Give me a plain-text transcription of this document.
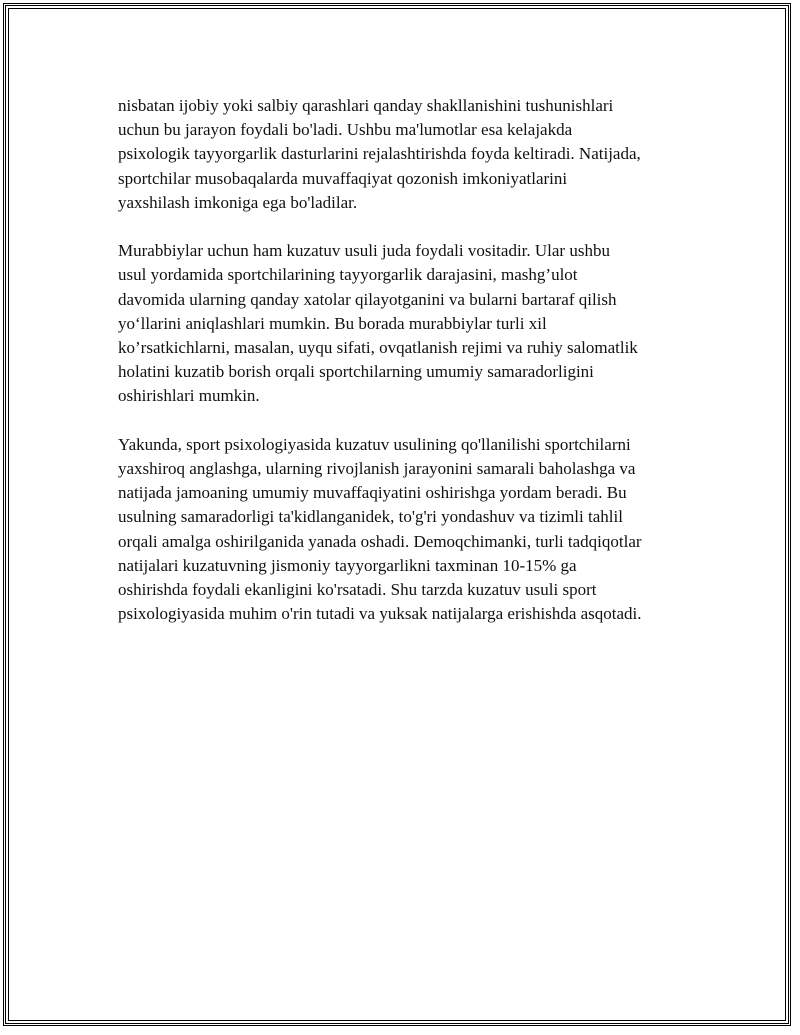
nisbatan ijobiy yoki salbiy qarashlari qanday shakllanishini tushunishlari
uchun bu jarayon foydali bo'ladi. Ushbu ma'lumotlar esa kelajakda
psixologik tayyorgarlik dasturlarini rejalashtirishda foyda keltiradi. Natijada,
sportchilar musobaqalarda muvaffaqiyat qozonish imkoniyatlarini
yaxshilash imkoniga ega bo'ladilar.

Murabbiylar uchun ham kuzatuv usuli juda foydali vositadir. Ular ushbu
usul yordamida sportchilarining tayyorgarlik darajasini, mashg’ulot
davomida ularning qanday xatolar qilayotganini va bularni bartaraf qilish
yo‘llarini aniqlashlari mumkin. Bu borada murabbiylar turli xil
ko’rsatkichlarni, masalan, uyqu sifati, ovqatlanish rejimi va ruhiy salomatlik
holatini kuzatib borish orqali sportchilarning umumiy samaradorligini
oshirishlari mumkin.

Yakunda, sport psixologiyasida kuzatuv usulining qo'llanilishi sportchilarni
yaxshiroq anglashga, ularning rivojlanish jarayonini samarali baholashga va
natijada jamoaning umumiy muvaffaqiyatini oshirishga yordam beradi. Bu
usulning samaradorligi ta'kidlanganidek, to'g'ri yondashuv va tizimli tahlil
orqali amalga oshirilganida yanada oshadi. Demoqchimanki, turli tadqiqotlar
natijalari kuzatuvning jismoniy tayyorgarlikni taxminan 10-15% ga
oshirishda foydali ekanligini ko'rsatadi. Shu tarzda kuzatuv usuli sport
psixologiyasida muhim o'rin tutadi va yuksak natijalarga erishishda asqotadi.
